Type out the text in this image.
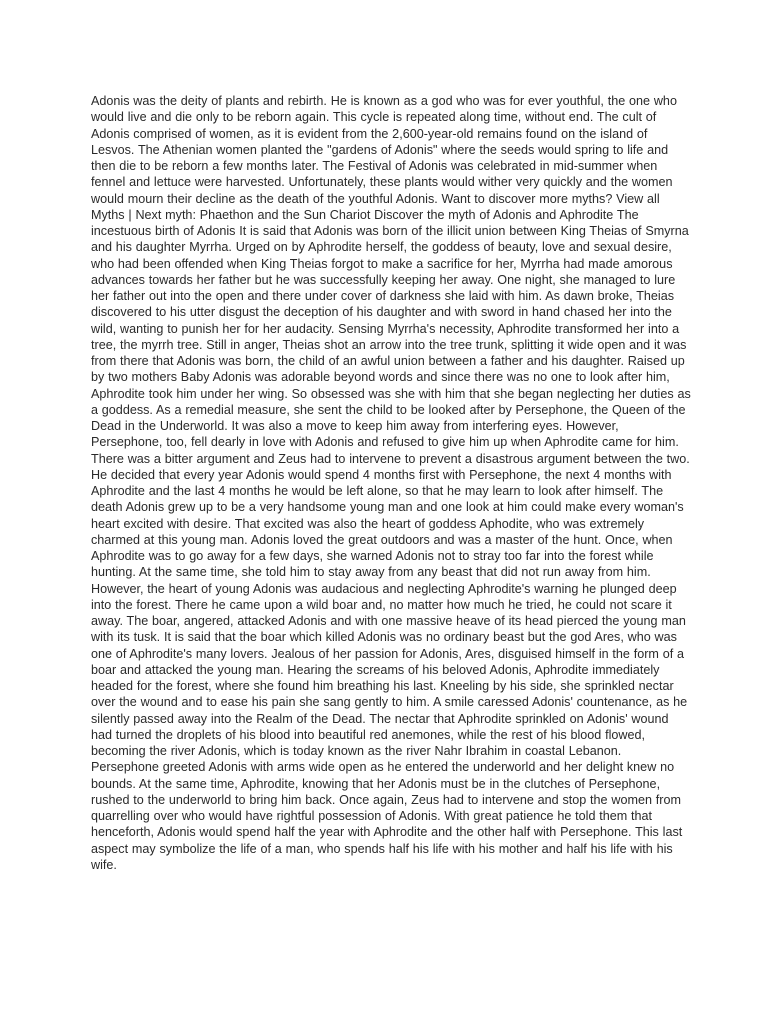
Adonis was the deity of plants and rebirth. He is known as a god who was for ever youthful, the one who would live and die only to be reborn again. This cycle is repeated along time, without end. The cult of Adonis comprised of women, as it is evident from the 2,600-year-old remains found on the island of Lesvos. The Athenian women planted the "gardens of Adonis" where the seeds would spring to life and then die to be reborn a few months later. The Festival of Adonis was celebrated in mid-summer when fennel and lettuce were harvested. Unfortunately, these plants would wither very quickly and the women would mourn their decline as the death of the youthful Adonis. Want to discover more myths? View all Myths | Next myth: Phaethon and the Sun Chariot Discover the myth of Adonis and Aphrodite The incestuous birth of Adonis It is said that Adonis was born of the illicit union between King Theias of Smyrna and his daughter Myrrha. Urged on by Aphrodite herself, the goddess of beauty, love and sexual desire, who had been offended when King Theias forgot to make a sacrifice for her, Myrrha had made amorous advances towards her father but he was successfully keeping her away. One night, she managed to lure her father out into the open and there under cover of darkness she laid with him. As dawn broke, Theias discovered to his utter disgust the deception of his daughter and with sword in hand chased her into the wild, wanting to punish her for her audacity. Sensing Myrrha's necessity, Aphrodite transformed her into a tree, the myrrh tree. Still in anger, Theias shot an arrow into the tree trunk, splitting it wide open and it was from there that Adonis was born, the child of an awful union between a father and his daughter. Raised up by two mothers Baby Adonis was adorable beyond words and since there was no one to look after him, Aphrodite took him under her wing. So obsessed was she with him that she began neglecting her duties as a goddess. As a remedial measure, she sent the child to be looked after by Persephone, the Queen of the Dead in the Underworld. It was also a move to keep him away from interfering eyes. However, Persephone, too, fell dearly in love with Adonis and refused to give him up when Aphrodite came for him. There was a bitter argument and Zeus had to intervene to prevent a disastrous argument between the two. He decided that every year Adonis would spend 4 months first with Persephone, the next 4 months with Aphrodite and the last 4 months he would be left alone, so that he may learn to look after himself. The death Adonis grew up to be a very handsome young man and one look at him could make every woman's heart excited with desire. That excited was also the heart of goddess Aphodite, who was extremely charmed at this young man. Adonis loved the great outdoors and was a master of the hunt. Once, when Aphrodite was to go away for a few days, she warned Adonis not to stray too far into the forest while hunting. At the same time, she told him to stay away from any beast that did not run away from him. However, the heart of young Adonis was audacious and neglecting Aphrodite's warning he plunged deep into the forest. There he came upon a wild boar and, no matter how much he tried, he could not scare it away. The boar, angered, attacked Adonis and with one massive heave of its head pierced the young man with its tusk. It is said that the boar which killed Adonis was no ordinary beast but the god Ares, who was one of Aphrodite's many lovers. Jealous of her passion for Adonis, Ares, disguised himself in the form of a boar and attacked the young man. Hearing the screams of his beloved Adonis, Aphrodite immediately headed for the forest, where she found him breathing his last. Kneeling by his side, she sprinkled nectar over the wound and to ease his pain she sang gently to him. A smile caressed Adonis' countenance, as he silently passed away into the Realm of the Dead. The nectar that Aphrodite sprinkled on Adonis' wound had turned the droplets of his blood into beautiful red anemones, while the rest of his blood flowed, becoming the river Adonis, which is today known as the river Nahr Ibrahim in coastal Lebanon. Persephone greeted Adonis with arms wide open as he entered the underworld and her delight knew no bounds. At the same time, Aphrodite, knowing that her Adonis must be in the clutches of Persephone, rushed to the underworld to bring him back. Once again, Zeus had to intervene and stop the women from quarrelling over who would have rightful possession of Adonis. With great patience he told them that henceforth, Adonis would spend half the year with Aphrodite and the other half with Persephone. This last aspect may symbolize the life of a man, who spends half his life with his mother and half his life with his wife.
